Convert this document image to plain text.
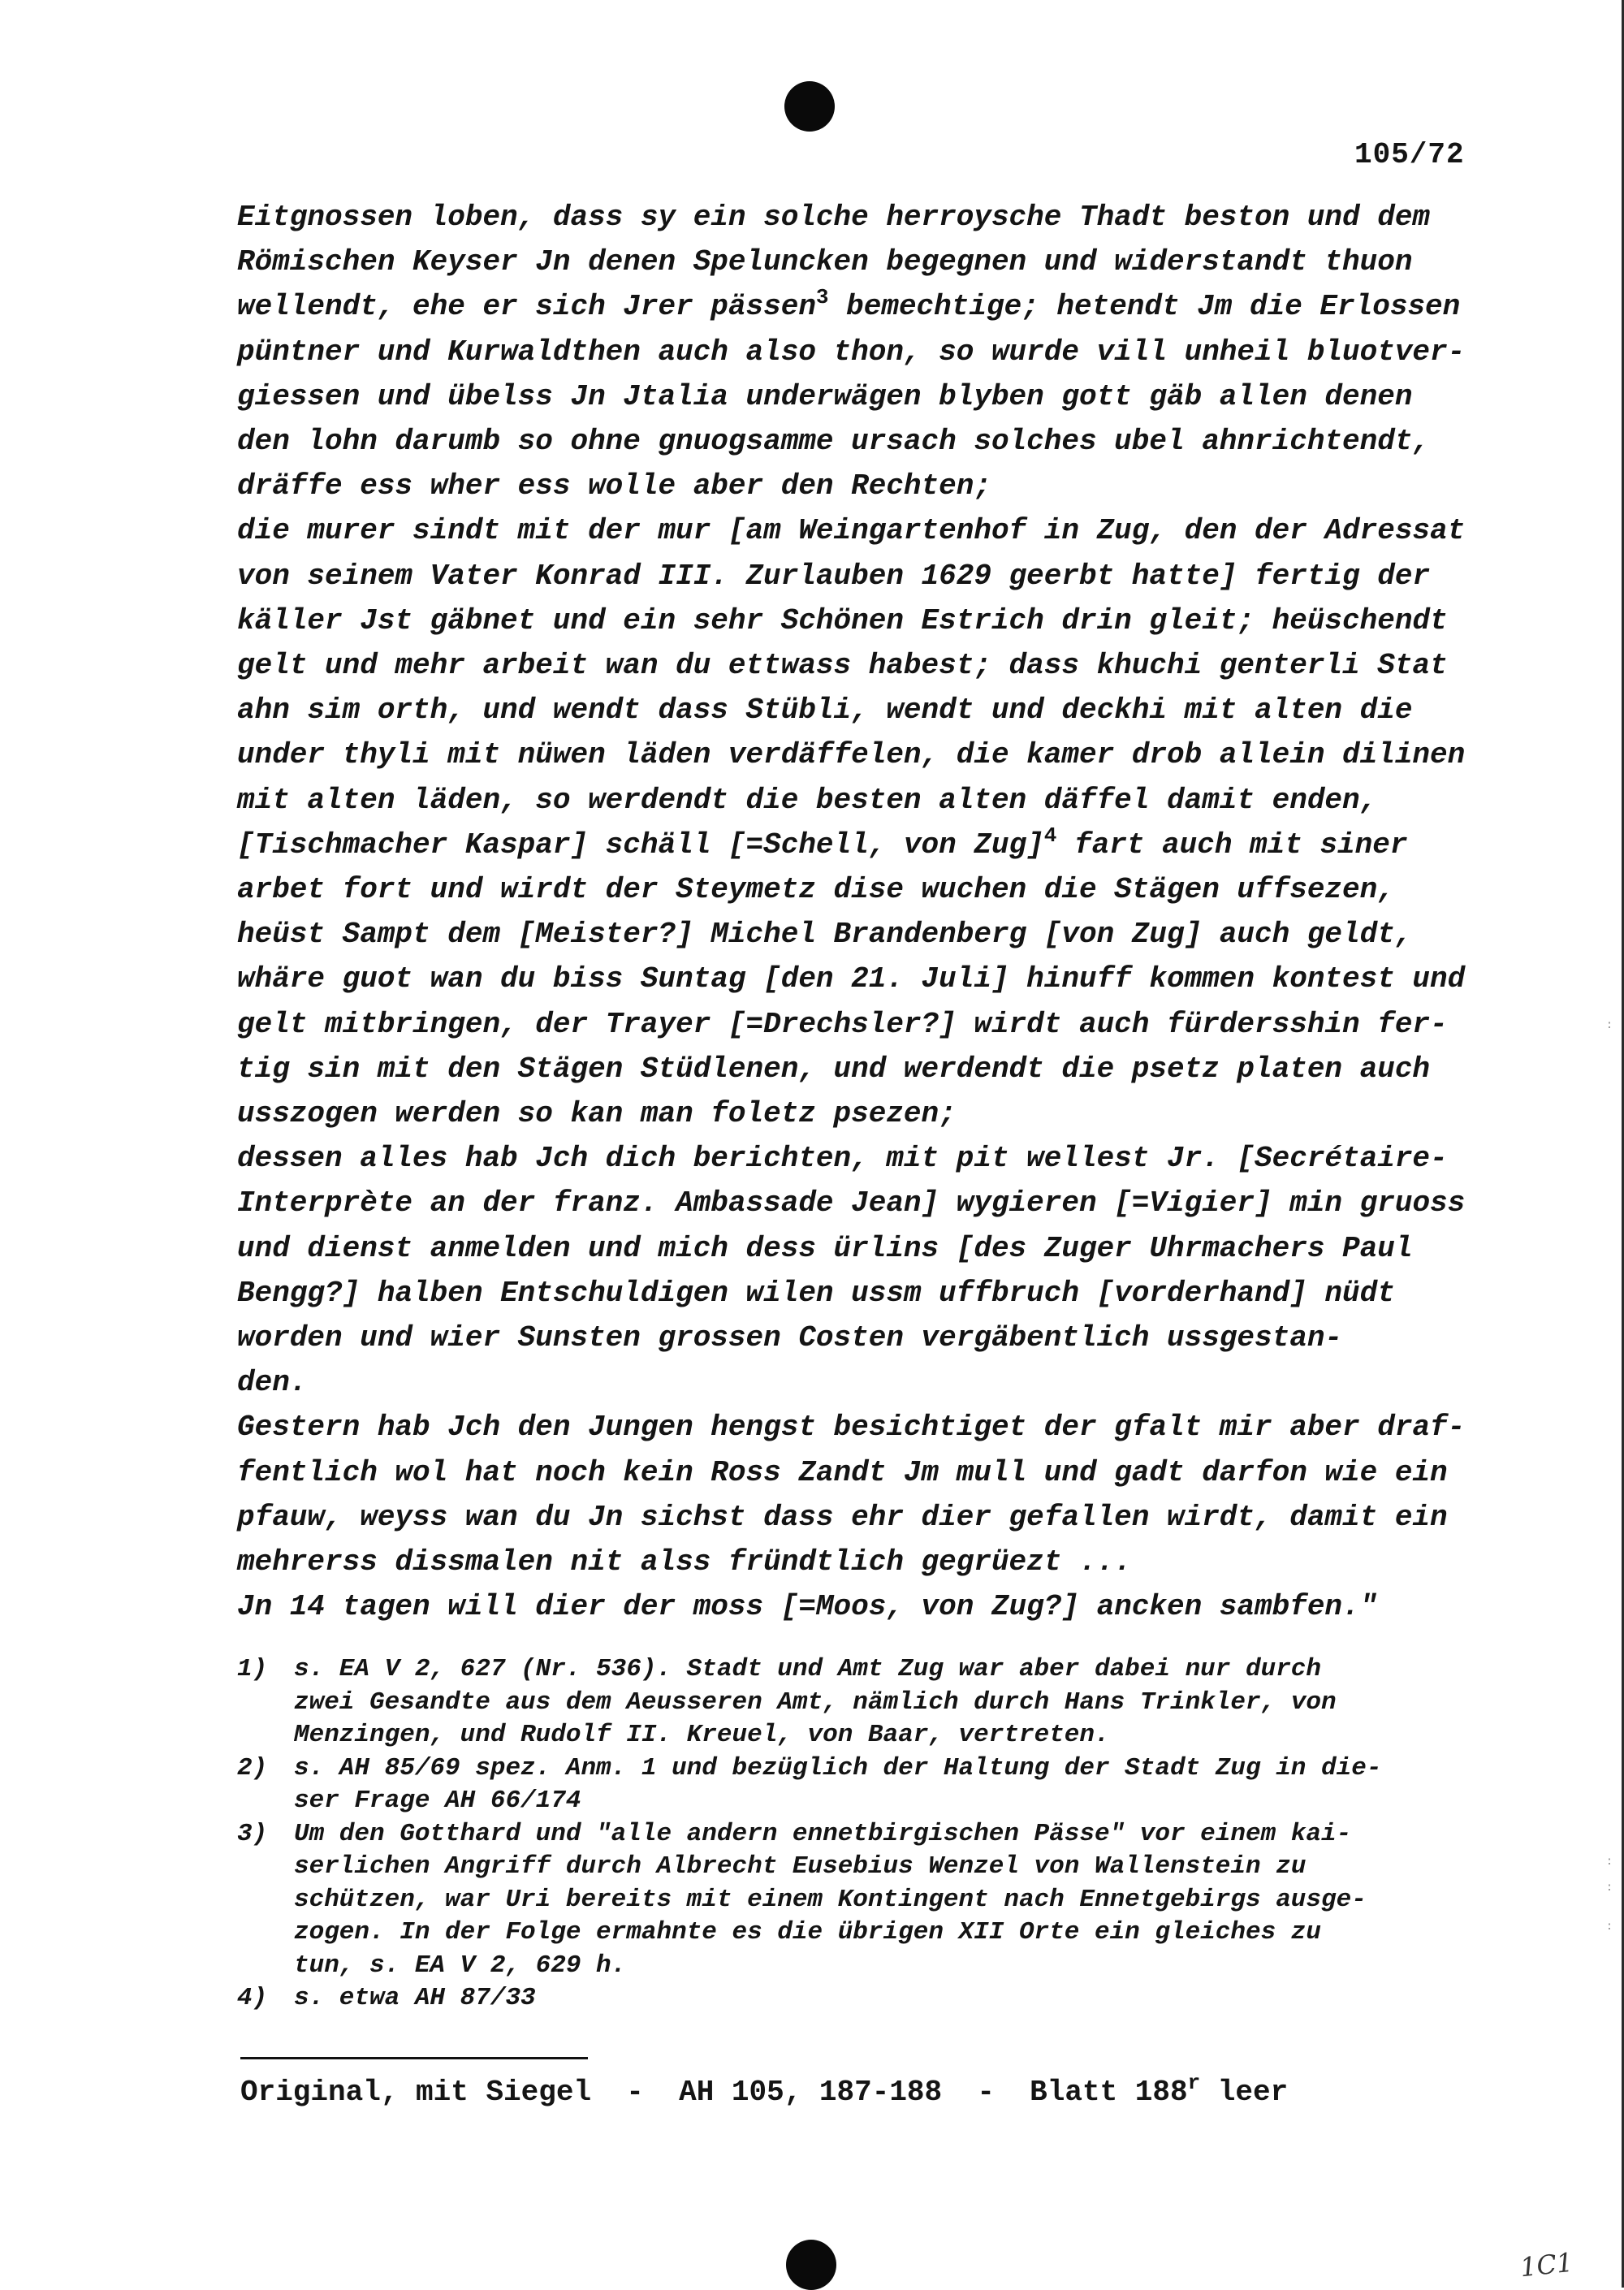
105/72
Eitgnossen loben, dass sy ein solche herroysche Thadt beston und dem
Römischen Keyser Jn denen Speluncken begegnen und widerstandt thuon
wellendt, ehe er sich Jrer pässen$^3$ bemechtige; hetendt Jm die Erlossen
püntner und Kurwaldthen auch also thon, so wurde vill unheil bluotver-
giessen und übelss Jn Jtalia underwägen blyben gott gäb allen denen
den lohn darumb so ohne gnuogsamme ursach solches ubel ahnrichtendt,
dräffe ess wher ess wolle aber den Rechten;
die murer sindt mit der mur [am Weingartenhof in Zug, den der Adressat
von seinem Vater Konrad III. Zurlauben 1629 geerbt hatte] fertig der
käller Jst gäbnet und ein sehr Schönen Estrich drin gleit; heüschendt
gelt und mehr arbeit wan du ettwass habest; dass khuchi genterli Stat
ahn sim orth, und wendt dass Stübli, wendt und deckhi mit alten die
under thyli mit nüwen läden verdäffelen, die kamer drob allein dilinen
mit alten läden, so werdendt die besten alten däffel damit enden,
[Tischmacher Kaspar] schäll [=Schell, von Zug]$^4$ fart auch mit siner
arbet fort und wirdt der Steymetz dise wuchen die Stägen uffsezen,
heüst Sampt dem [Meister?] Michel Brandenberg [von Zug] auch geldt,
whäre guot wan du biss Suntag [den 21. Juli] hinuff kommen kontest und
gelt mitbringen, der Trayer [=Drechsler?] wirdt auch fürdersshin fer-
tig sin mit den Stägen Stüdlenen, und werdendt die psetz platen auch
usszogen werden so kan man foletz psezen;
dessen alles hab Jch dich berichten, mit pit wellest Jr. [Secrétaire-
Interprète an der franz. Ambassade Jean] wygieren [=Vigier] min gruoss
und dienst anmelden und mich dess ürlins [des Zuger Uhrmachers Paul
Bengg?] halben Entschuldigen wilen ussm uffbruch [vorderhand] nüdt
worden und wier Sunsten grossen Costen vergäbentlich ussgestan-
den.
Gestern hab Jch den Jungen hengst besichtiget der gfalt mir aber draf-
fentlich wol hat noch kein Ross Zandt Jm mull und gadt darfon wie ein
pfauw, weyss wan du Jn sichst dass ehr dier gefallen wirdt, damit ein
mehrerss dissmalen nit alss fründtlich gegrüezt ...
Jn 14 tagen will dier der moss [=Moos, von Zug?] ancken sambfen."
1)	s. EA V 2, 627 (Nr. 536). Stadt und Amt Zug war aber dabei nur durch
zwei Gesandte aus dem Aeusseren Amt, nämlich durch Hans Trinkler, von
Menzingen, und Rudolf II. Kreuel, von Baar, vertreten.
2)	s. AH 85/69 spez. Anm. 1 und bezüglich der Haltung der Stadt Zug in die-
ser Frage AH 66/174
3)	Um den Gotthard und "alle andern ennetbirgischen Pässe" vor einem kai-
serlichen Angriff durch Albrecht Eusebius Wenzel von Wallenstein zu
schützen, war Uri bereits mit einem Kontingent nach Ennetgebirgs ausge-
zogen. In der Folge ermahnte es die übrigen XII Orte ein gleiches zu
tun, s. EA V 2, 629 h.
4)	s. etwa AH 87/33
Original, mit Siegel  -  AH 105, 187-188  -  Blatt 188$^r$ leer
1C1
:
:
:
:
